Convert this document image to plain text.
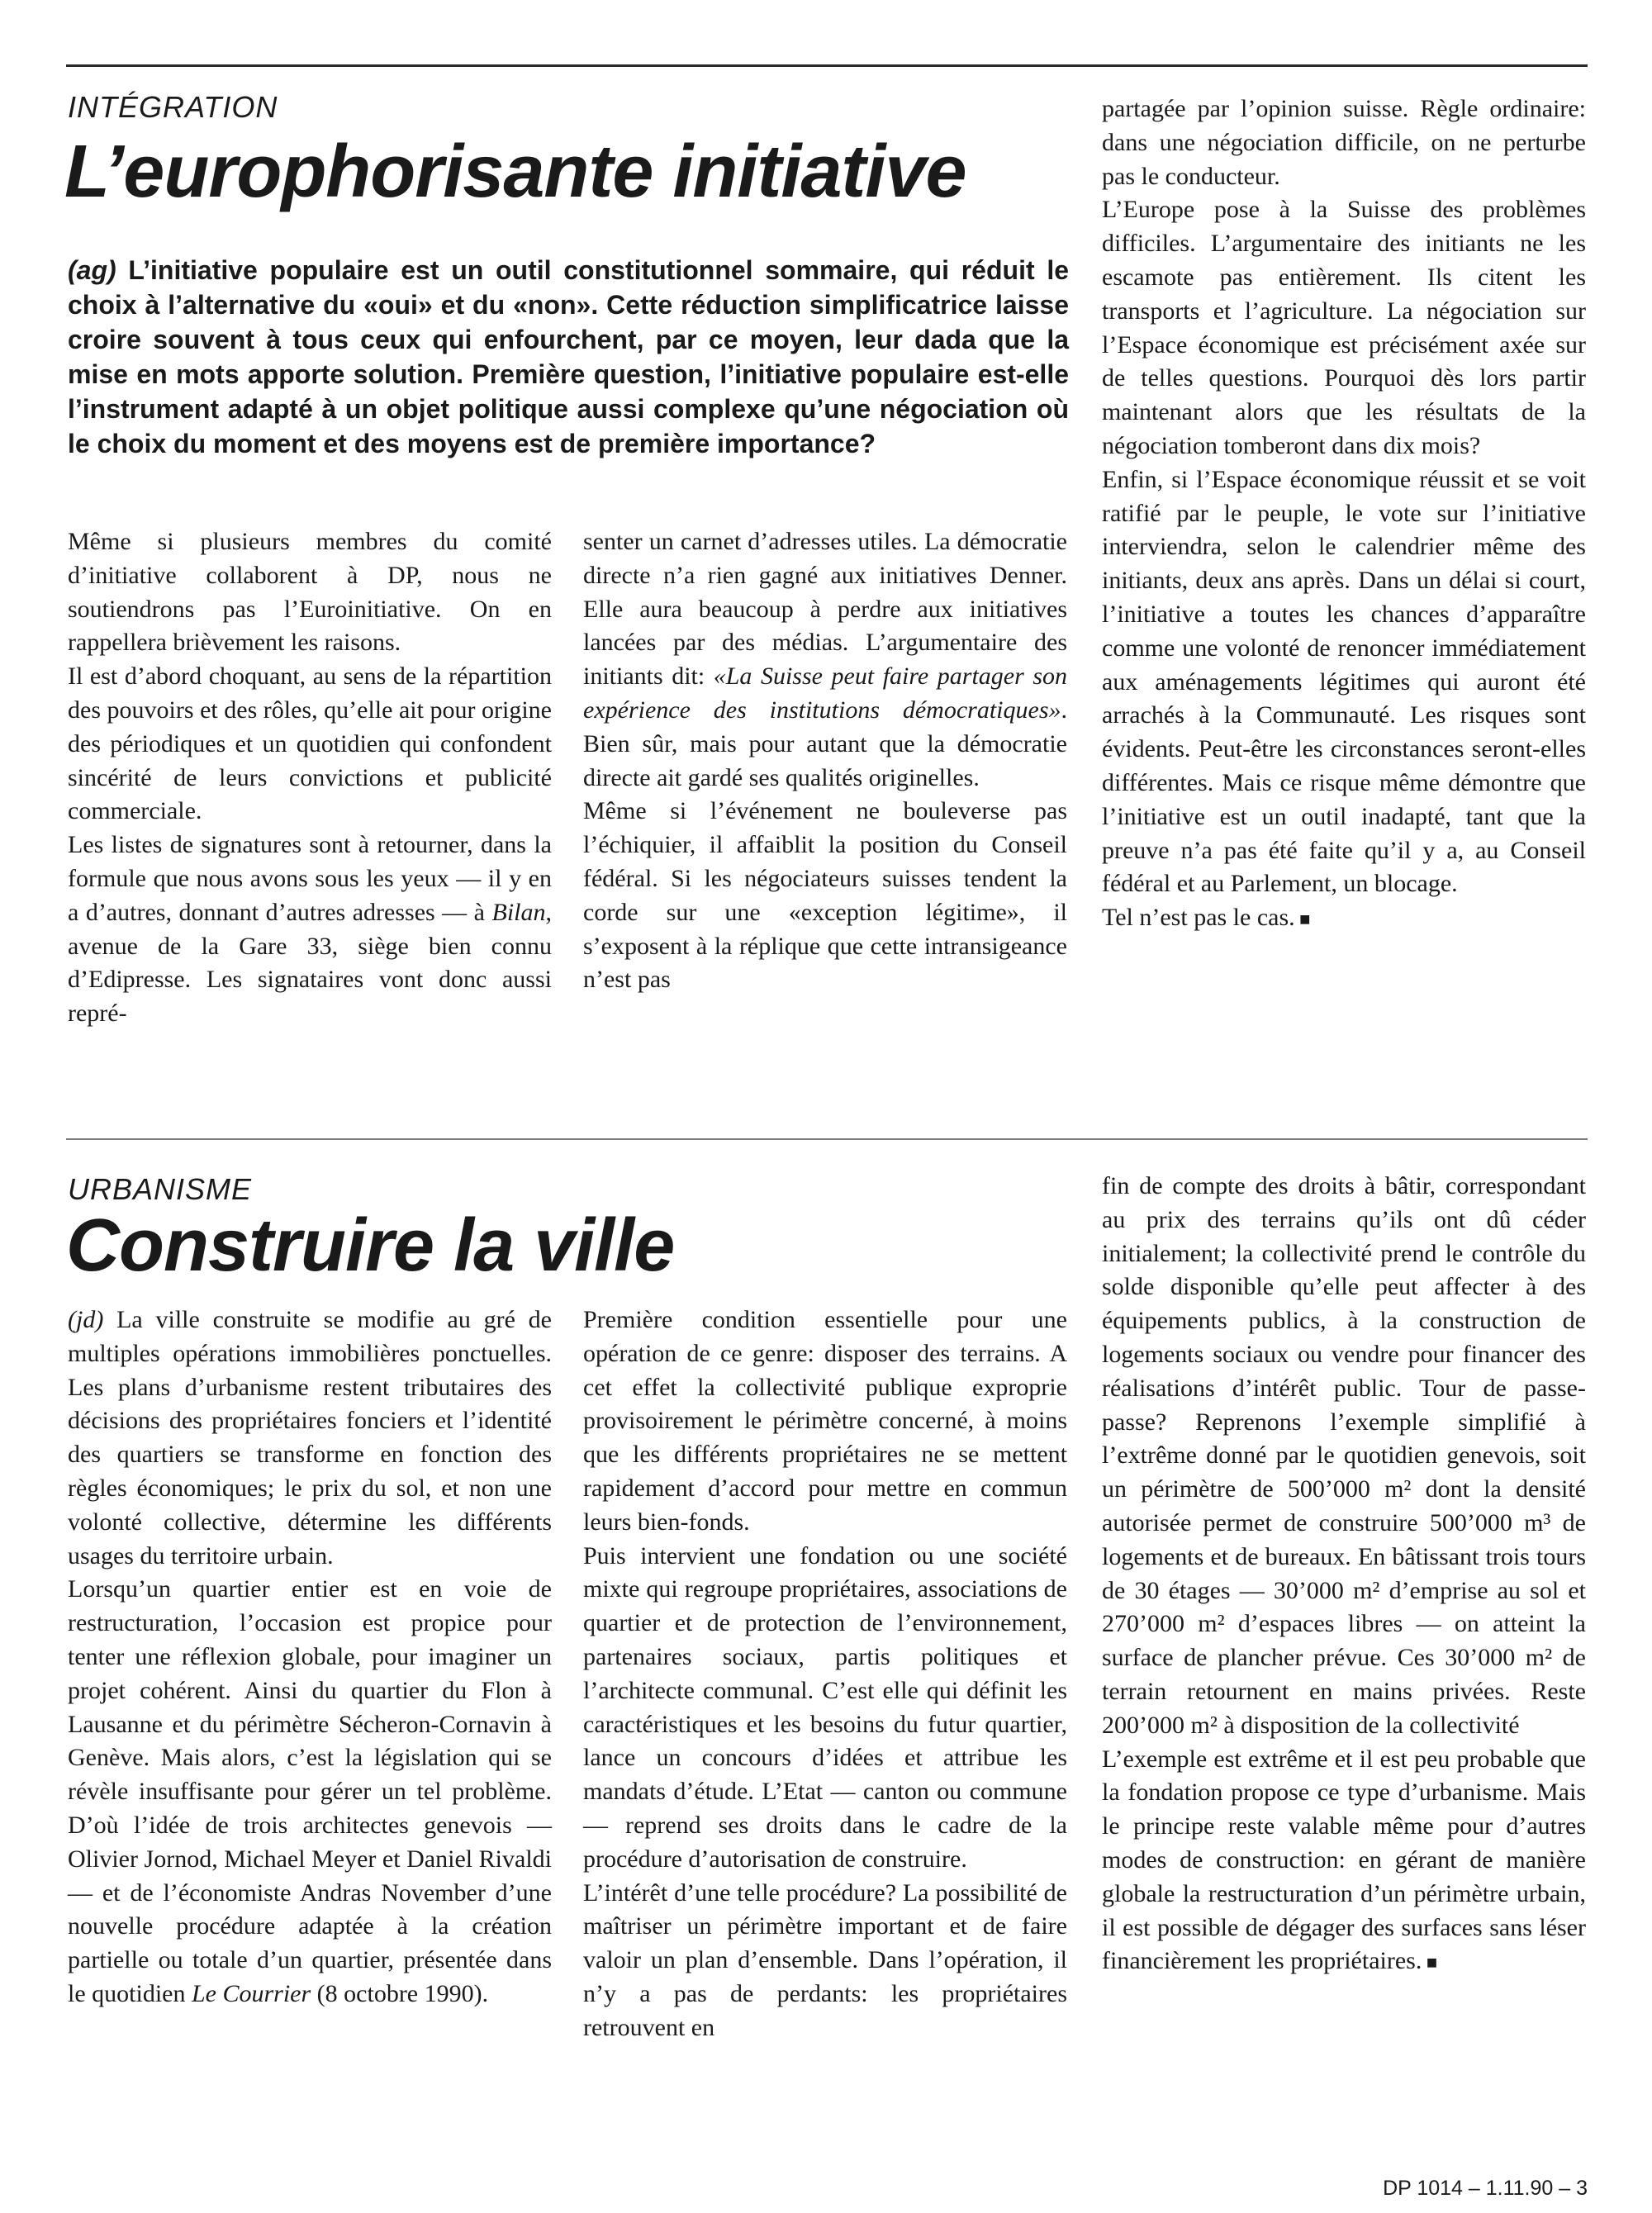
INTÉGRATION
L’europhorisante initiative

(ag) L’initiative populaire est un outil constitutionnel sommaire, qui réduit le choix à l’alternative du «oui» et du «non». Cette réduction simplificatrice laisse croire souvent à tous ceux qui enfourchent, par ce moyen, leur dada que la mise en mots apporte solution. Première question, l’initiative populaire est-elle l’instrument adapté à un objet politique aussi complexe qu’une négociation où le choix du moment et des moyens est de première importance?

Même si plusieurs membres du comité d’initiative collaborent à DP, nous ne soutiendrons pas l’Euroinitiative. On en rappellera brièvement les raisons.

Il est d’abord choquant, au sens de la répartition des pouvoirs et des rôles, qu’elle ait pour origine des périodiques et un quotidien qui confondent sincérité de leurs convictions et publicité commerciale.

Les listes de signatures sont à retourner, dans la formule que nous avons sous les yeux — il y en a d’autres, donnant d’autres adresses — à Bilan, avenue de la Gare 33, siège bien connu d’Edipresse. Les signataires vont donc aussi repré-

senter un carnet d’adresses utiles. La démocratie directe n’a rien gagné aux initiatives Denner. Elle aura beaucoup à perdre aux initiatives lancées par des médias. L’argumentaire des initiants dit: «La Suisse peut faire partager son expérience des institutions démocratiques». Bien sûr, mais pour autant que la démocratie directe ait gardé ses qualités originelles.

Même si l’événement ne bouleverse pas l’échiquier, il affaiblit la position du Conseil fédéral. Si les négociateurs suisses tendent la corde sur une «exception légitime», il s’exposent à la réplique que cette intransigeance n’est pas

partagée par l’opinion suisse. Règle ordinaire: dans une négociation difficile, on ne perturbe pas le conducteur.

L’Europe pose à la Suisse des problèmes difficiles. L’argumentaire des initiants ne les escamote pas entièrement. Ils citent les transports et l’agriculture. La négociation sur l’Espace économique est précisément axée sur de telles questions. Pourquoi dès lors partir maintenant alors que les résultats de la négociation tomberont dans dix mois?

Enfin, si l’Espace économique réussit et se voit ratifié par le peuple, le vote sur l’initiative interviendra, selon le calendrier même des initiants, deux ans après. Dans un délai si court, l’initiative a toutes les chances d’apparaître comme une volonté de renoncer immédiatement aux aménagements légitimes qui auront été arrachés à la Communauté. Les risques sont évidents. Peut-être les circonstances seront-elles différentes. Mais ce risque même démontre que l’initiative est un outil inadapté, tant que la preuve n’a pas été faite qu’il y a, au Conseil fédéral et au Parlement, un blocage.

Tel n’est pas le cas. ■

URBANISME
Construire la ville

(jd) La ville construite se modifie au gré de multiples opérations immobilières ponctuelles. Les plans d’urbanisme restent tributaires des décisions des propriétaires fonciers et l’identité des quartiers se transforme en fonction des règles économiques; le prix du sol, et non une volonté collective, détermine les différents usages du territoire urbain.

Lorsqu’un quartier entier est en voie de restructuration, l’occasion est propice pour tenter une réflexion globale, pour imaginer un projet cohérent. Ainsi du quartier du Flon à Lausanne et du périmètre Sécheron-Cornavin à Genève. Mais alors, c’est la législation qui se révèle insuffisante pour gérer un tel problème. D’où l’idée de trois architectes genevois — Olivier Jornod, Michael Meyer et Daniel Rivaldi — et de l’économiste Andras November d’une nouvelle procédure adaptée à la création partielle ou totale d’un quartier, présentée dans le quotidien Le Courrier (8 octobre 1990).

Première condition essentielle pour une opération de ce genre: disposer des terrains. A cet effet la collectivité publique exproprie provisoirement le périmètre concerné, à moins que les différents propriétaires ne se mettent rapidement d’accord pour mettre en commun leurs bien-fonds.

Puis intervient une fondation ou une société mixte qui regroupe propriétaires, associations de quartier et de protection de l’environnement, partenaires sociaux, partis politiques et l’architecte communal. C’est elle qui définit les caractéristiques et les besoins du futur quartier, lance un concours d’idées et attribue les mandats d’étude. L’Etat — canton ou commune — reprend ses droits dans le cadre de la procédure d’autorisation de construire.

L’intérêt d’une telle procédure? La possibilité de maîtriser un périmètre important et de faire valoir un plan d’ensemble. Dans l’opération, il n’y a pas de perdants: les propriétaires retrouvent en

fin de compte des droits à bâtir, correspondant au prix des terrains qu’ils ont dû céder initialement; la collectivité prend le contrôle du solde disponible qu’elle peut affecter à des équipements publics, à la construction de logements sociaux ou vendre pour financer des réalisations d’intérêt public. Tour de passe-passe? Reprenons l’exemple simplifié à l’extrême donné par le quotidien genevois, soit un périmètre de 500’000 m² dont la densité autorisée permet de construire 500’000 m³ de logements et de bureaux. En bâtissant trois tours de 30 étages — 30’000 m² d’emprise au sol et 270’000 m² d’espaces libres — on atteint la surface de plancher prévue. Ces 30’000 m² de terrain retournent en mains privées. Reste 200’000 m² à disposition de la collectivité

L’exemple est extrême et il est peu probable que la fondation propose ce type d’urbanisme. Mais le principe reste valable même pour d’autres modes de construction: en gérant de manière globale la restructuration d’un périmètre urbain, il est possible de dégager des surfaces sans léser financièrement les propriétaires. ■

DP 1014 – 1.11.90 – 3
